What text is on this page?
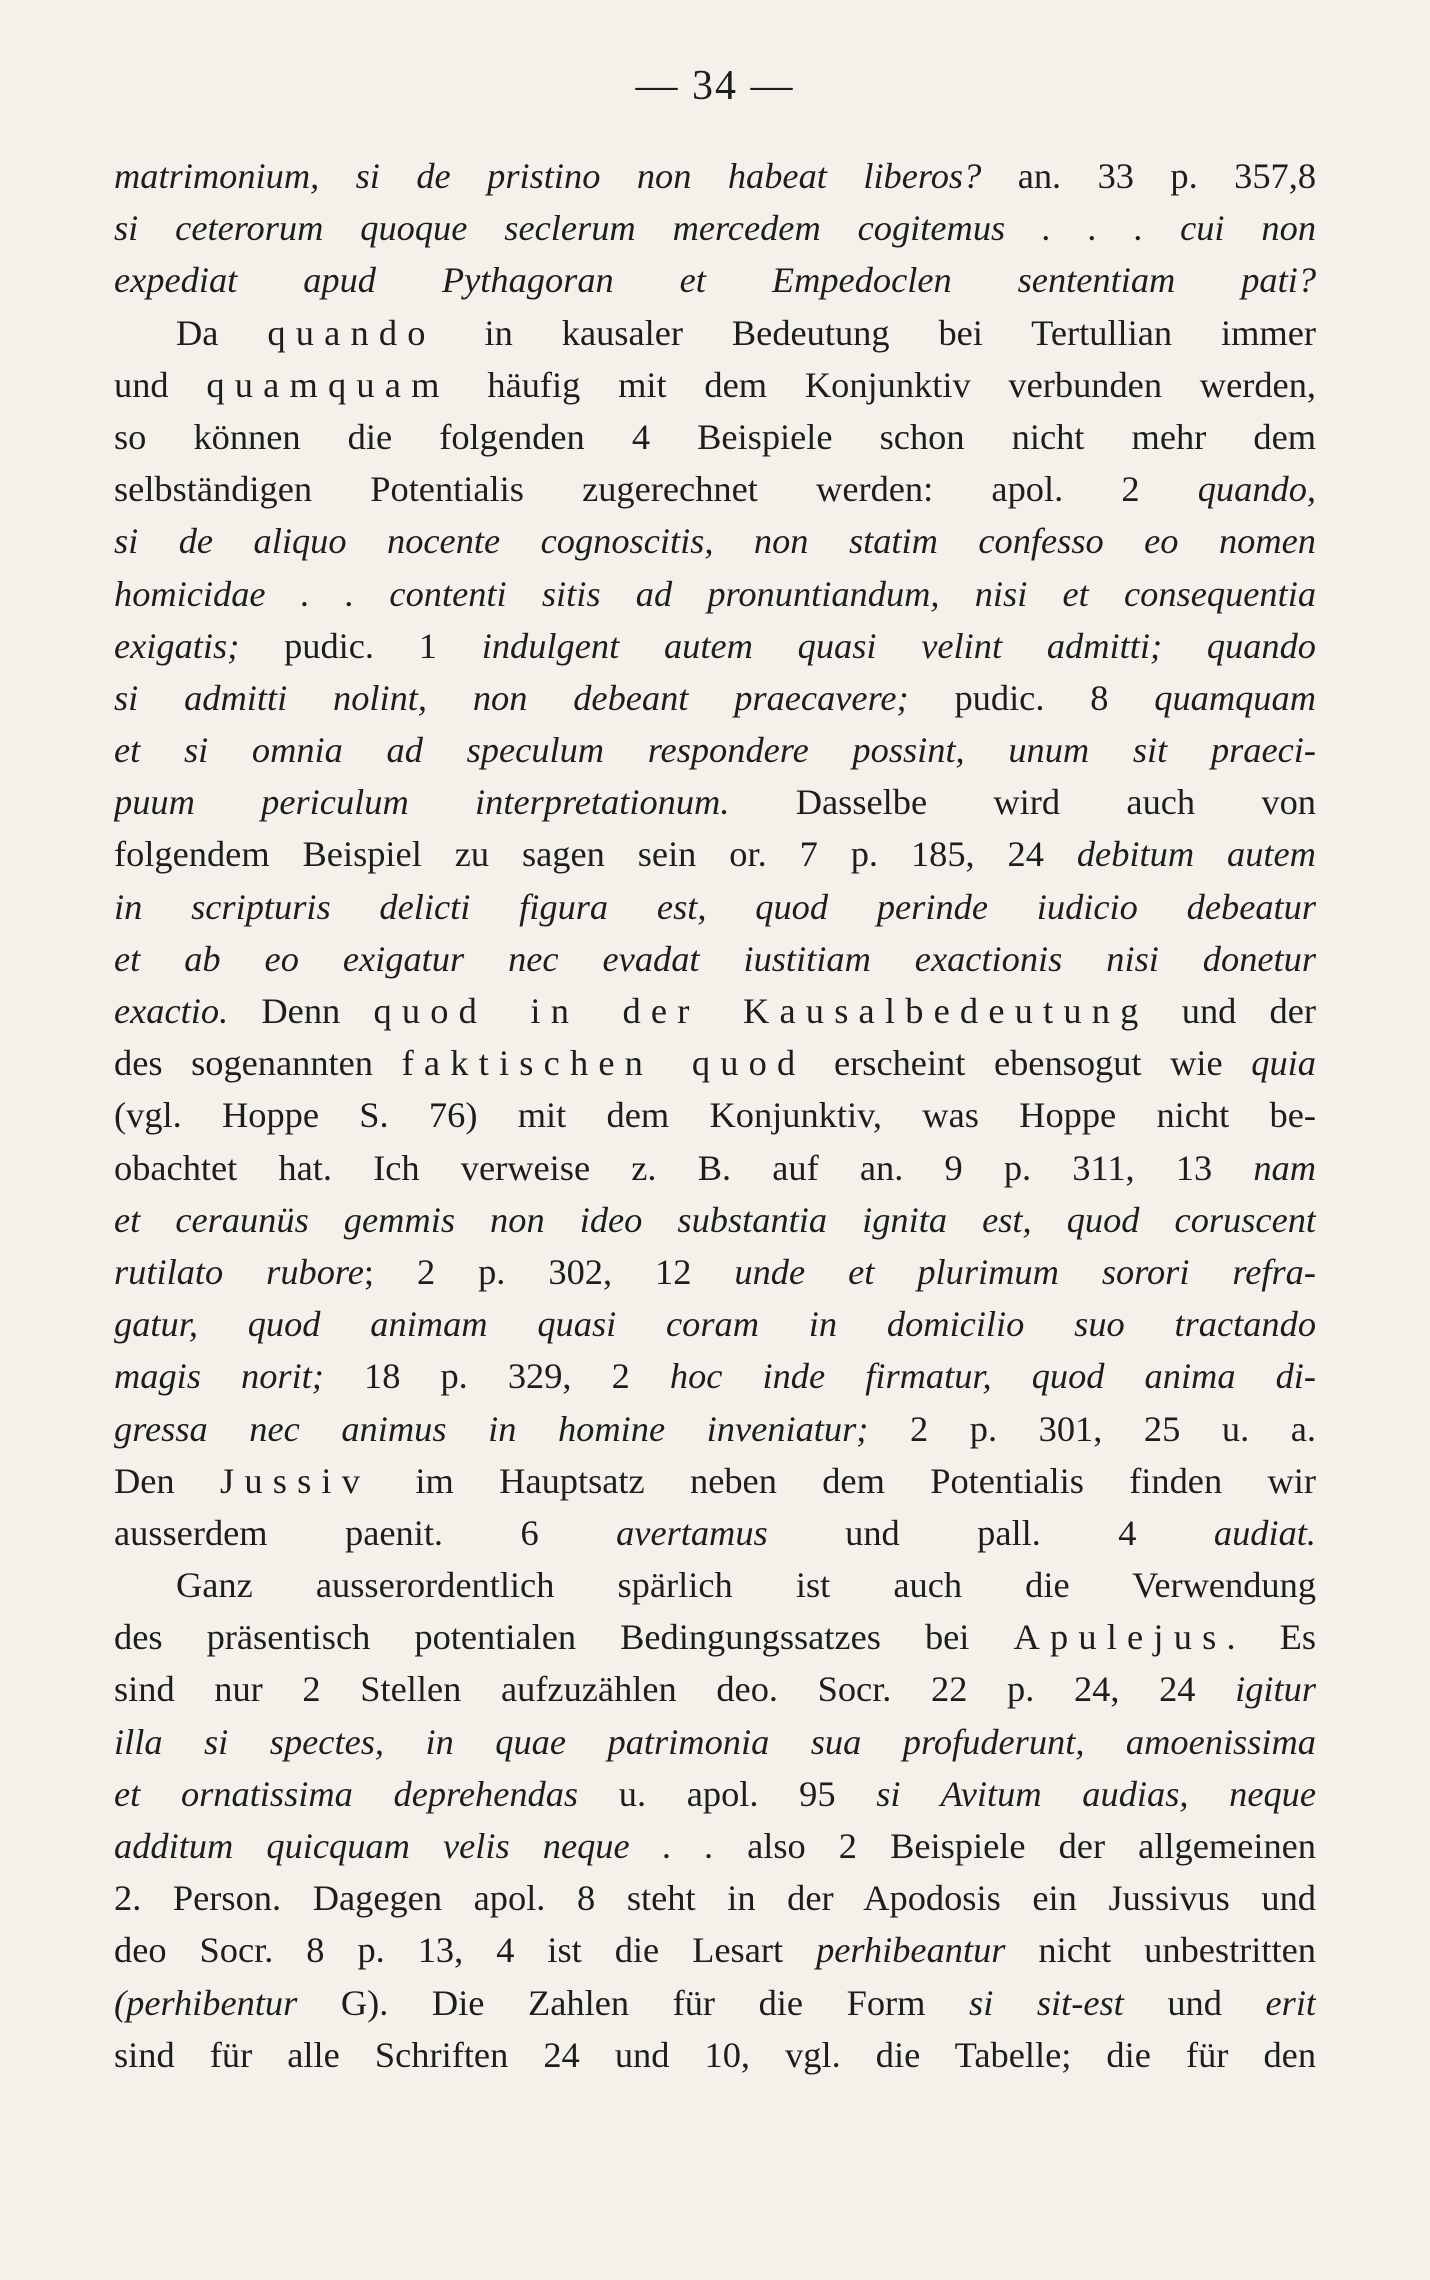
— 34 —
matrimonium, si de pristino non habeat liberos? an. 33 p. 357,8
si ceterorum quoque seclerum mercedem cogitemus . . . cui non
expediat apud Pythagoran et Empedoclen sententiam pati?
Da quando in kausaler Bedeutung bei Tertullian immer
und quamquam häufig mit dem Konjunktiv verbunden werden,
so können die folgenden 4 Beispiele schon nicht mehr dem
selbständigen Potentialis zugerechnet werden: apol. 2 quando,
si de aliquo nocente cognoscitis, non statim confesso eo nomen
homicidae . . contenti sitis ad pronuntiandum, nisi et consequentia
exigatis; pudic. 1 indulgent autem quasi velint admitti; quando
si admitti nolint, non debeant praecavere; pudic. 8 quamquam
et si omnia ad speculum respondere possint, unum sit praeci-
puum periculum interpretationum. Dasselbe wird auch von
folgendem Beispiel zu sagen sein or. 7 p. 185, 24 debitum autem
in scripturis delicti figura est, quod perinde iudicio debeatur
et ab eo exigatur nec evadat iustitiam exactionis nisi donetur
exactio. Denn quod in der Kausalbedeutung und der
des sogenannten faktischen quod erscheint ebensogut wie quia
(vgl. Hoppe S. 76) mit dem Konjunktiv, was Hoppe nicht be-
obachtet hat. Ich verweise z. B. auf an. 9 p. 311, 13 nam
et ceraunüs gemmis non ideo substantia ignita est, quod coruscent
rutilato rubore; 2 p. 302, 12 unde et plurimum sorori refra-
gatur, quod animam quasi coram in domicilio suo tractando
magis norit; 18 p. 329, 2 hoc inde firmatur, quod anima di-
gressa nec animus in homine inveniatur; 2 p. 301, 25 u. a.
Den Jussiv im Hauptsatz neben dem Potentialis finden wir
ausserdem paenit. 6 avertamus und pall. 4 audiat.
Ganz ausserordentlich spärlich ist auch die Verwendung
des präsentisch potentialen Bedingungssatzes bei Apulejus. Es
sind nur 2 Stellen aufzuzählen deo. Socr. 22 p. 24, 24 igitur
illa si spectes, in quae patrimonia sua profuderunt, amoenissima
et ornatissima deprehendas u. apol. 95 si Avitum audias, neque
additum quicquam velis neque . . also 2 Beispiele der allgemeinen
2. Person. Dagegen apol. 8 steht in der Apodosis ein Jussivus und
deo Socr. 8 p. 13, 4 ist die Lesart perhibeantur nicht unbestritten
(perhibentur G). Die Zahlen für die Form si sit-est und erit
sind für alle Schriften 24 und 10, vgl. die Tabelle; die für den
